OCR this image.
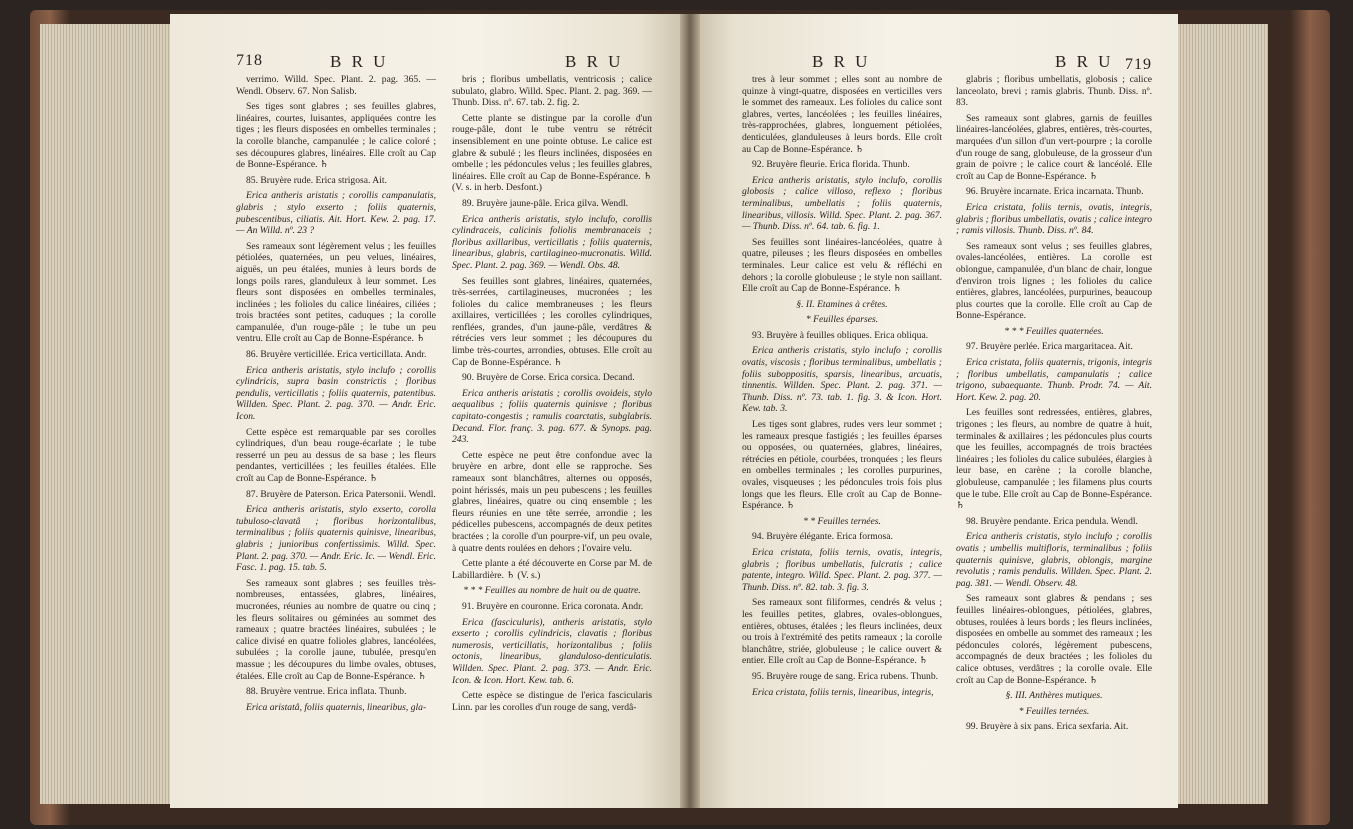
718	B R U	B R U

verrimo. Willd. Spec. Plant. 2. pag. 365. — Wendl. Observ. 67. Non Salisb.

Ses tiges sont glabres ; ses feuilles glabres, linéaires, courtes, luisantes, appliquées contre les tiges ; les fleurs disposées en ombelles terminales ; la corolle blanche, campanulée ; le calice coloré ; ses découpures glabres, linéaires. Elle croît au Cap de Bonne-Espérance. ♄

85. Bruyère rude. Erica strigosa. Ait.

Erica antheris aristatis ; corollis campanulatis, glabris ; stylo exserto ; foliis quaternis, pubescentibus, ciliatis. Ait. Hort. Kew. 2. pag. 17. — An Willd. nº. 23 ?

Ses rameaux sont légèrement velus ; les feuilles pétiolées, quaternées, un peu velues, linéaires, aiguës, un peu étalées, munies à leurs bords de longs poils rares, glanduleux à leur sommet. Les fleurs sont disposées en ombelles terminales, inclinées ; les folioles du calice linéaires, ciliées ; trois bractées sont petites, caduques ; la corolle campanulée, d'un rouge-pâle ; le tube un peu ventru. Elle croît au Cap de Bonne-Espérance. ♄

86. Bruyère verticillée. Erica verticillata. Andr.

Erica antheris aristatis, stylo inclufo ; corollis cylindricis, supra basin constrictis ; floribus pendulis, verticillatis ; foliis quaternis, patentibus. Willden. Spec. Plant. 2. pag. 370. — Andr. Eric. Icon.

Cette espèce est remarquable par ses corolles cylindriques, d'un beau rouge-écarlate ; le tube resserré un peu au dessus de sa base ; les fleurs pendantes, verticillées ; les feuilles étalées. Elle croît au Cap de Bonne-Espérance. ♄

87. Bruyère de Paterson. Erica Patersonii. Wendl.

Erica antheris aristatis, stylo exserto, corolla tubuloso-clavatâ ; floribus horizontalibus, terminalibus ; foliis quaternis quinisve, linearibus, glabris ; junioribus confertissimis. Willd. Spec. Plant. 2. pag. 370. — Andr. Eric. Ic. — Wendl. Eric. Fasc. 1. pag. 15. tab. 5.

Ses rameaux sont glabres ; ses feuilles très-nombreuses, entassées, glabres, linéaires, mucronées, réunies au nombre de quatre ou cinq ; les fleurs solitaires ou géminées au sommet des rameaux ; quatre bractées linéaires, subulées ; le calice divisé en quatre folioles glabres, lancéolées, subulées ; la corolle jaune, tubulée, presqu'en massue ; les découpures du limbe ovales, obtuses, étalées. Elle croît au Cap de Bonne-Espérance. ♄

88. Bruyère ventrue. Erica inflata. Thunb.

Erica aristatâ, foliis quaternis, linearibus, gla-

bris ; floribus umbellatis, ventricosis ; calice subulato, glabro. Willd. Spec. Plant. 2. pag. 369. — Thunb. Diss. nº. 67. tab. 2. fig. 2.

Cette plante se distingue par la corolle d'un rouge-pâle, dont le tube ventru se rétrécit insensiblement en une pointe obtuse. Le calice est glabre & subulé ; les fleurs inclinées, disposées en ombelle ; les pédoncules velus ; les feuilles glabres, linéaires. Elle croît au Cap de Bonne-Espérance. ♄ (V. s. in herb. Desfont.)

89. Bruyère jaune-pâle. Erica gilva. Wendl.

Erica antheris aristatis, stylo inclufo, corollis cylindraceis, calicinis foliolis membranaceis ; floribus axillaribus, verticillatis ; foliis quaternis, linearibus, glabris, cartilagineo-mucronatis. Willd. Spec. Plant. 2. pag. 369. — Wendl. Obs. 48.

Ses feuilles sont glabres, linéaires, quaternées, très-serrées, cartilagineuses, mucronées ; les folioles du calice membraneuses ; les fleurs axillaires, verticillées ; les corolles cylindriques, renflées, grandes, d'un jaune-pâle, verdâtres & rétrécies vers leur sommet ; les découpures du limbe très-courtes, arrondies, obtuses. Elle croît au Cap de Bonne-Espérance. ♄

90. Bruyère de Corse. Erica corsica. Decand.

Erica antheris aristatis ; corollis ovoideis, stylo aequalibus ; foliis quaternis quinisve ; floribus capitato-congestis ; ramulis coarctatis, subglabris. Decand. Flor. franç. 3. pag. 677. & Synops. pag. 243.

Cette espèce ne peut être confondue avec la bruyère en arbre, dont elle se rapproche. Ses rameaux sont blanchâtres, alternes ou opposés, point hérissés, mais un peu pubescens ; les feuilles glabres, linéaires, quatre ou cinq ensemble ; les fleurs réunies en une tête serrée, arrondie ; les pédicelles pubescens, accompagnés de deux petites bractées ; la corolle d'un pourpre-vif, un peu ovale, à quatre dents roulées en dehors ; l'ovaire velu.

Cette plante a été découverte en Corse par M. de Labillardière. ♄ (V. s.)

* * * Feuilles au nombre de huit ou de quatre.

91. Bruyère en couronne. Erica coronata. Andr.

Erica (fasciculuris), antheris aristatis, stylo exserto ; corollis cylindricis, clavatis ; floribus numerosis, verticillatis, horizontalibus ; foliis octonis, linearibus, glanduloso-denticulatis. Willden. Spec. Plant. 2. pag. 373. — Andr. Eric. Icon. & Icon. Hort. Kew. tab. 6.

Cette espèce se distingue de l'erica fascicularis Linn. par les corolles d'un rouge de sang, verdâ-

B R U	B R U 719

tres à leur sommet ; elles sont au nombre de quinze à vingt-quatre, disposées en verticilles vers le sommet des rameaux. Les folioles du calice sont glabres, vertes, lancéolées ; les feuilles linéaires, très-rapprochées, glabres, longuement pétiolées, denticulées, glanduleuses à leurs bords. Elle croît au Cap de Bonne-Espérance. ♄

92. Bruyère fleurie. Erica florida. Thunb.

Erica antheris aristatis, stylo inclufo, corollis globosis ; calice villoso, reflexo ; floribus terminalibus, umbellatis ; foliis quaternis, linearibus, villosis. Willd. Spec. Plant. 2. pag. 367. — Thunb. Diss. nº. 64. tab. 6. fig. 1.

Ses feuilles sont linéaires-lancéolées, quatre à quatre, pileuses ; les fleurs disposées en ombelles terminales. Leur calice est velu & réfléchi en dehors ; la corolle globuleuse ; le style non saillant. Elle croît au Cap de Bonne-Espérance. ♄

§. II. Etamines à crêtes.

* Feuilles éparses.

93. Bruyère à feuilles obliques. Erica obliqua.

Erica antheris cristatis, stylo inclufo ; corollis ovatis, viscosis ; floribus terminalibus, umbellatis ; foliis suboppositis, sparsis, linearibus, arcuatis, tinnentis. Willden. Spec. Plant. 2. pag. 371. — Thunb. Diss. nº. 73. tab. 1. fig. 3. & Icon. Hort. Kew. tab. 3.

Les tiges sont glabres, rudes vers leur sommet ; les rameaux presque fastigiés ; les feuilles éparses ou opposées, ou quaternées, glabres, linéaires, rétrécies en pétiole, courbées, tronquées ; les fleurs en ombelles terminales ; les corolles purpurines, ovales, visqueuses ; les pédoncules trois fois plus longs que les fleurs. Elle croît au Cap de Bonne-Espérance. ♄

* * Feuilles ternées.

94. Bruyère élégante. Erica formosa.

Erica cristata, foliis ternis, ovatis, integris, glabris ; floribus umbellatis, fulcratis ; calice patente, integro. Willd. Spec. Plant. 2. pag. 377. — Thunb. Diss. nº. 82. tab. 3. fig. 3.

Ses rameaux sont filiformes, cendrés & velus ; les feuilles petites, glabres, ovales-oblongues, entières, obtuses, étalées ; les fleurs inclinées, deux ou trois à l'extrémité des petits rameaux ; la corolle blanchâtre, striée, globuleuse ; le calice ouvert & entier. Elle croît au Cap de Bonne-Espérance. ♄

95. Bruyère rouge de sang. Erica rubens. Thunb.

Erica cristata, foliis ternis, linearibus, integris,

glabris ; floribus umbellatis, globosis ; calice lanceolato, brevi ; ramis glabris. Thunb. Diss. nº. 83.

Ses rameaux sont glabres, garnis de feuilles linéaires-lancéolées, glabres, entières, très-courtes, marquées d'un sillon d'un vert-pourpre ; la corolle d'un rouge de sang, globuleuse, de la grosseur d'un grain de poivre ; le calice court & lancéolé. Elle croît au Cap de Bonne-Espérance. ♄

96. Bruyère incarnate. Erica incarnata. Thunb.

Erica cristata, foliis ternis, ovatis, integris, glabris ; floribus umbellatis, ovatis ; calice integro ; ramis villosis. Thunb. Diss. nº. 84.

Ses rameaux sont velus ; ses feuilles glabres, ovales-lancéolées, entières. La corolle est oblongue, campanulée, d'un blanc de chair, longue d'environ trois lignes ; les folioles du calice entières, glabres, lancéolées, purpurines, beaucoup plus courtes que la corolle. Elle croît au Cap de Bonne-Espérance.

* * * Feuilles quaternées.

97. Bruyère perlée. Erica margaritacea. Ait.

Erica cristata, foliis quaternis, trigonis, integris ; floribus umbellatis, campanulatis ; calice trigono, subaequante. Thunb. Prodr. 74. — Ait. Hort. Kew. 2. pag. 20.

Les feuilles sont redressées, entières, glabres, trigones ; les fleurs, au nombre de quatre à huit, terminales & axillaires ; les pédoncules plus courts que les feuilles, accompagnés de trois bractées linéaires ; les folioles du calice subulées, élargies à leur base, en carène ; la corolle blanche, globuleuse, campanulée ; les filamens plus courts que le tube. Elle croît au Cap de Bonne-Espérance. ♄

98. Bruyère pendante. Erica pendula. Wendl.

Erica antheris cristatis, stylo inclufo ; corollis ovatis ; umbellis multifloris, terminalibus ; foliis quaternis quinisve, glabris, oblongis, margine revolutis ; ramis pendulis. Willden. Spec. Plant. 2. pag. 381. — Wendl. Observ. 48.

Ses rameaux sont glabres & pendans ; ses feuilles linéaires-oblongues, pétiolées, glabres, obtuses, roulées à leurs bords ; les fleurs inclinées, disposées en ombelle au sommet des rameaux ; les pédoncules colorés, légèrement pubescens, accompagnés de deux bractées ; les folioles du calice obtuses, verdâtres ; la corolle ovale. Elle croît au Cap de Bonne-Espérance. ♄

§. III. Anthères mutiques.

* Feuilles ternées.

99. Bruyère à six pans. Erica sexfaria. Ait.
